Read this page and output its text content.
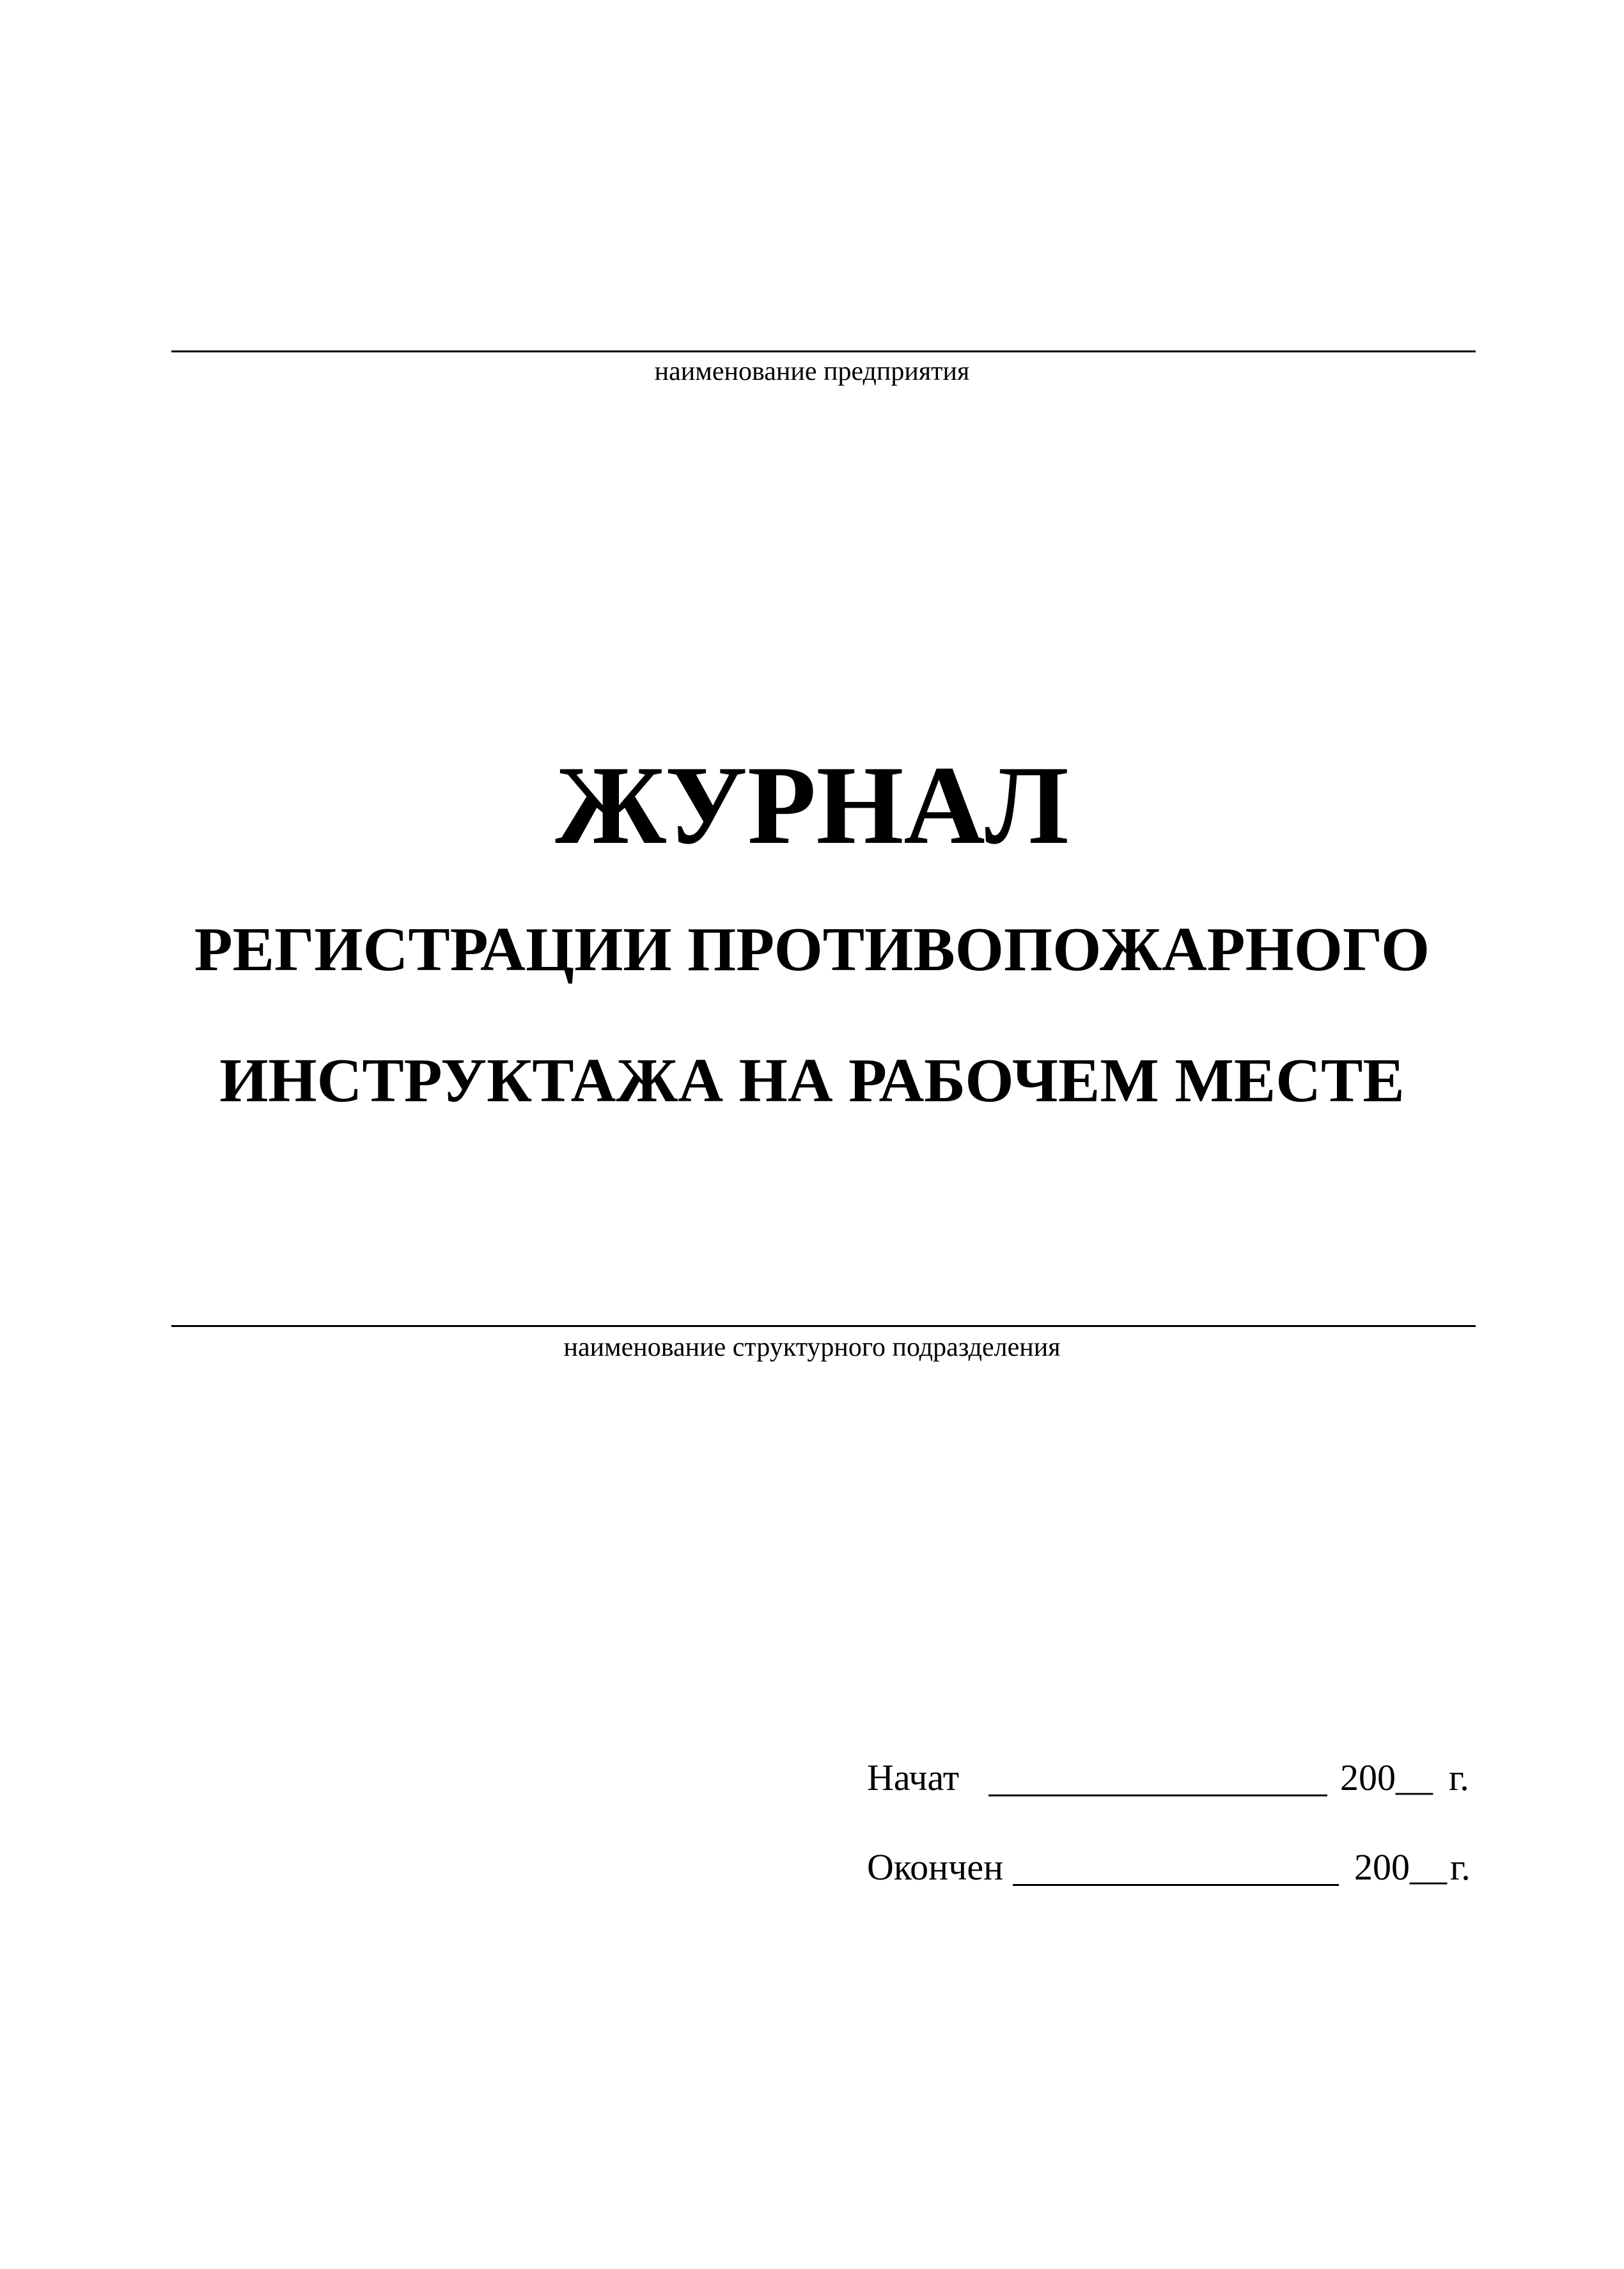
наименование предприятия
ЖУРНАЛ
РЕГИСТРАЦИИ ПРОТИВОПОЖАРНОГО
ИНСТРУКТАЖА НА РАБОЧЕМ МЕСТЕ
наименование структурного подразделения
Начат	200__ г.
Окончен	200__ г.
